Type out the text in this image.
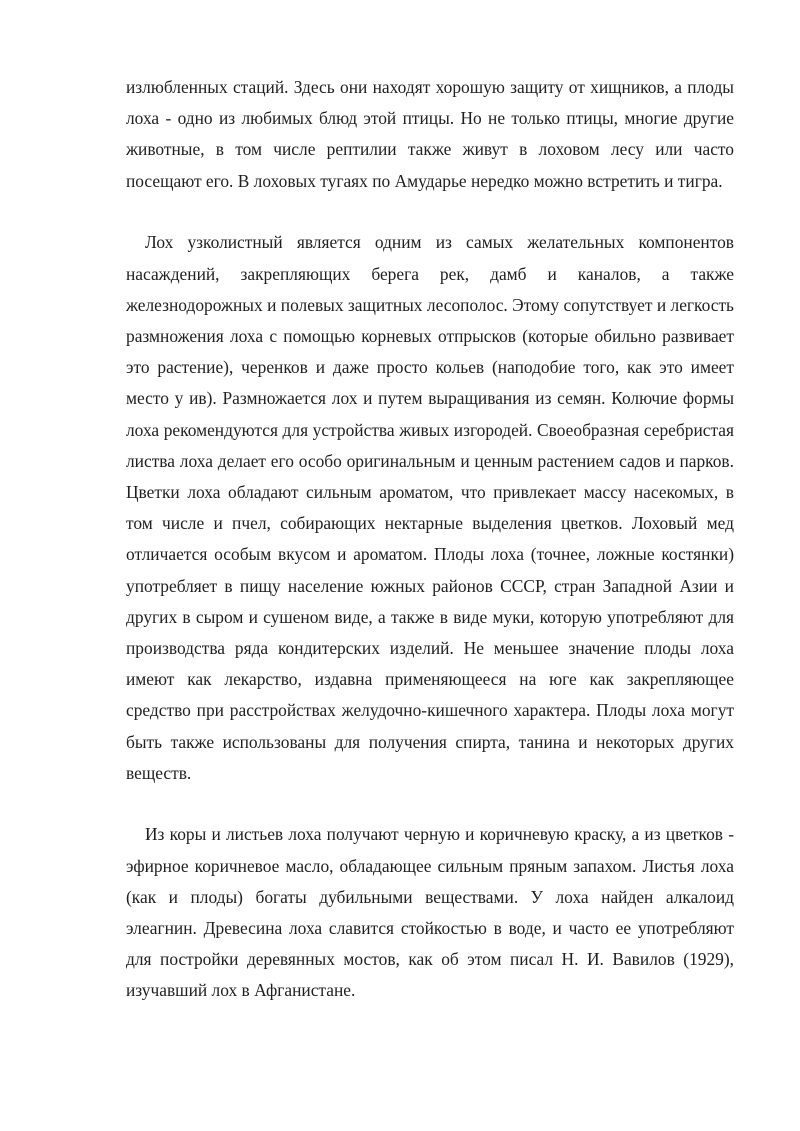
излюбленных стаций. Здесь они находят хорошую защиту от хищников, а плоды лоха - одно из любимых блюд этой птицы. Но не только птицы, многие другие животные, в том числе рептилии также живут в лоховом лесу или часто посещают его. В лоховых тугаях по Амударье нередко можно встретить и тигра.

Лох узколистный является одним из самых желательных компонентов насаждений, закрепляющих берега рек, дамб и каналов, а также железнодорожных и полевых защитных лесополос. Этому сопутствует и легкость размножения лоха с помощью корневых отпрысков (которые обильно развивает это растение), черенков и даже просто кольев (наподобие того, как это имеет место у ив). Размножается лох и путем выращивания из семян. Колючие формы лоха рекомендуются для устройства живых изгородей. Своеобразная серебристая листва лоха делает его особо оригинальным и ценным растением садов и парков. Цветки лоха обладают сильным ароматом, что привлекает массу насекомых, в том числе и пчел, собирающих нектарные выделения цветков. Лоховый мед отличается особым вкусом и ароматом. Плоды лоха (точнее, ложные костянки) употребляет в пищу население южных районов СССР, стран Западной Азии и других в сыром и сушеном виде, а также в виде муки, которую употребляют для производства ряда кондитерских изделий. Не меньшее значение плоды лоха имеют как лекарство, издавна применяющееся на юге как закрепляющее средство при расстройствах желудочно-кишечного характера. Плоды лоха могут быть также использованы для получения спирта, танина и некоторых других веществ.

Из коры и листьев лоха получают черную и коричневую краску, а из цветков - эфирное коричневое масло, обладающее сильным пряным запахом. Листья лоха (как и плоды) богаты дубильными веществами. У лоха найден алкалоид элеагнин. Древесина лоха славится стойкостью в воде, и часто ее употребляют для постройки деревянных мостов, как об этом писал Н. И. Вавилов (1929), изучавший лох в Афганистане.
